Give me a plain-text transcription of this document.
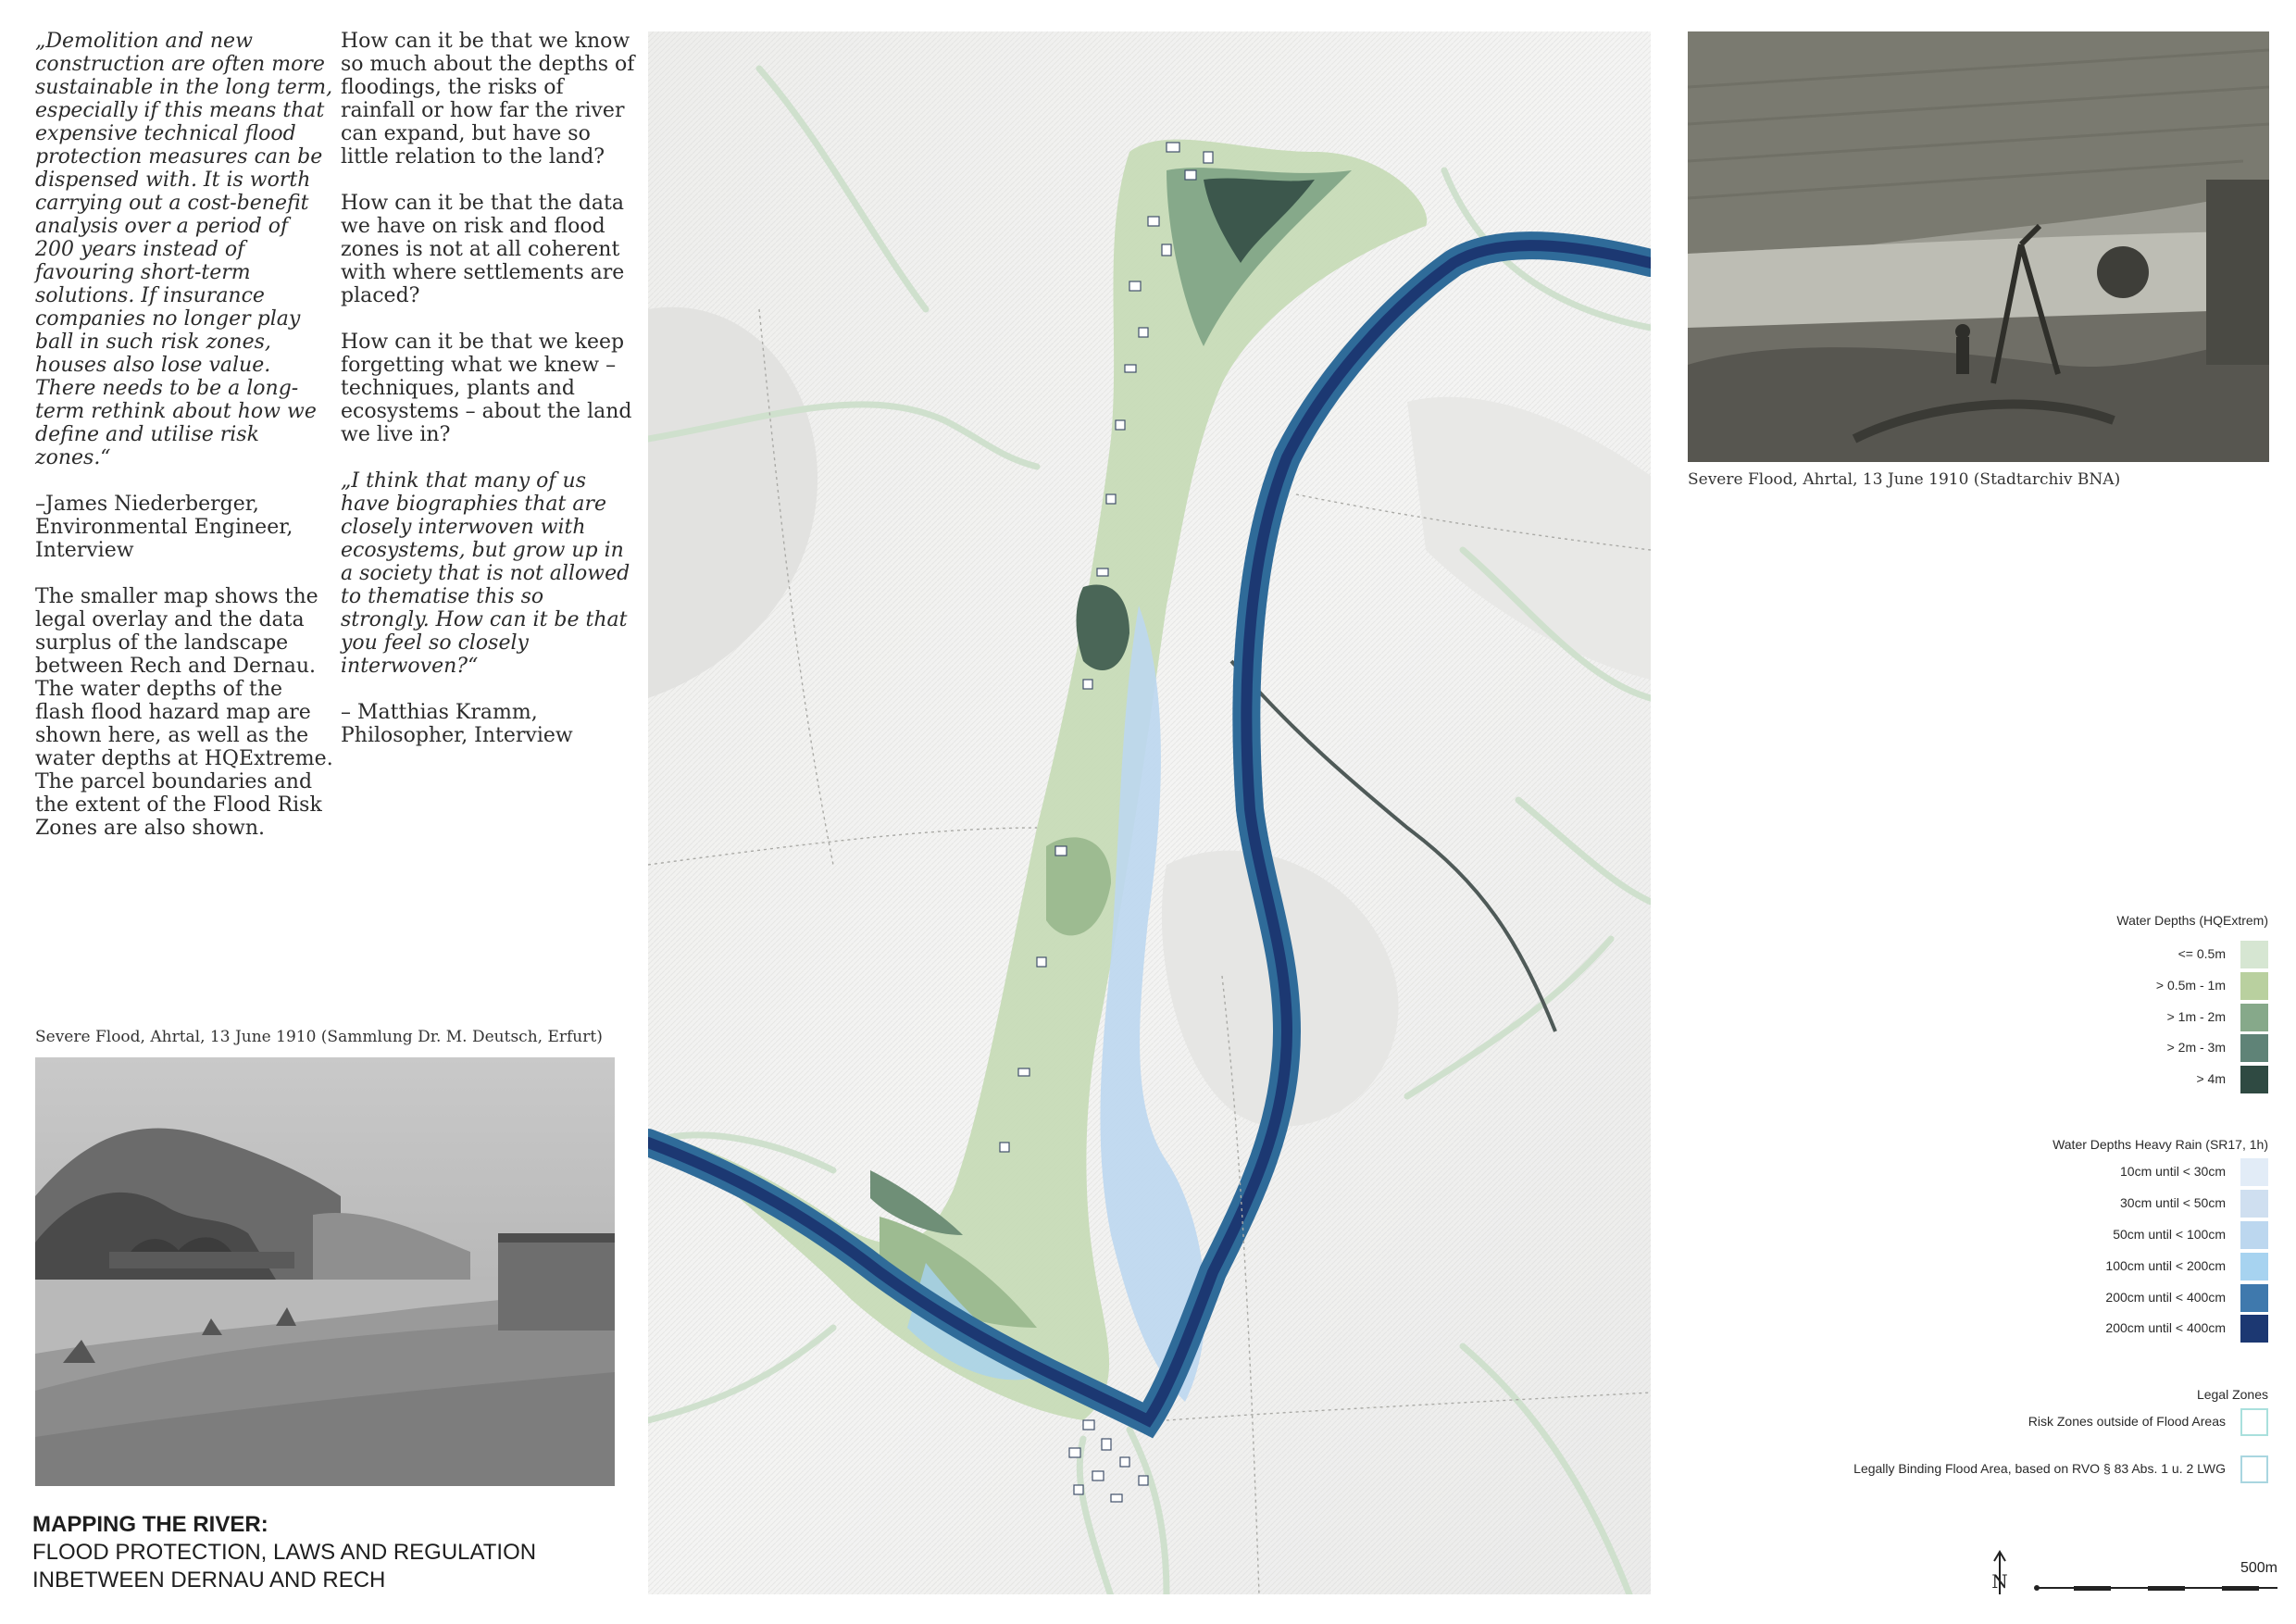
„Demolition and new construction are often more sustainable in the long term, especially if this means that expensive technical flood protection measures can be dispensed with. It is worth carrying out a cost-benefit analysis over a period of 200 years instead of favouring short-term solutions. If insurance companies no longer play ball in such risk zones, houses also lose value. There needs to be a long-term rethink about how we define and utilise risk zones.“

–James Niederberger, Environmental Engineer, Interview

The smaller map shows the legal overlay and the data surplus of the landscape between Rech and Dernau. The water depths of the flash flood hazard map are shown here, as well as the water depths at HQExtreme. The parcel boundaries and the extent of the Flood Risk Zones are also shown.

How can it be that we know so much about the depths of floodings, the risks of rainfall or how far the river can expand, but have so little relation to the land?

How can it be that the data we have on risk and flood zones is not at all coherent with where settlements are placed?

How can it be that we keep forgetting what we knew – techniques, plants and ecosystems – about the land we live in?

„I think that many of us have biographies that are closely interwoven with ecosystems, but grow up in a society that is not allowed to thematise this so strongly. How can it be that you feel so closely interwoven?“

– Matthias Kramm, Philosopher, Interview

Severe Flood, Ahrtal, 13 June 1910 (Sammlung Dr. M. Deutsch, Erfurt)
Severe Flood, Ahrtal, 13 June 1910 (Stadtarchiv BNA)
MAPPING THE RIVER:
FLOOD PROTECTION, LAWS AND REGULATION
INBETWEEN DERNAU AND RECH
Water Depths (HQExtrem)
<= 0.5m
> 0.5m - 1m
> 1m - 2m
> 2m - 3m
> 4m
Water Depths Heavy Rain (SR17, 1h)
10cm until < 30cm
30cm until < 50cm
50cm until < 100cm
100cm until < 200cm
200cm until < 400cm
200cm until < 400cm
Legal Zones
Risk Zones outside of Flood Areas
Legally Binding Flood Area, based on RVO § 83 Abs. 1 u. 2 LWG
N
500m
